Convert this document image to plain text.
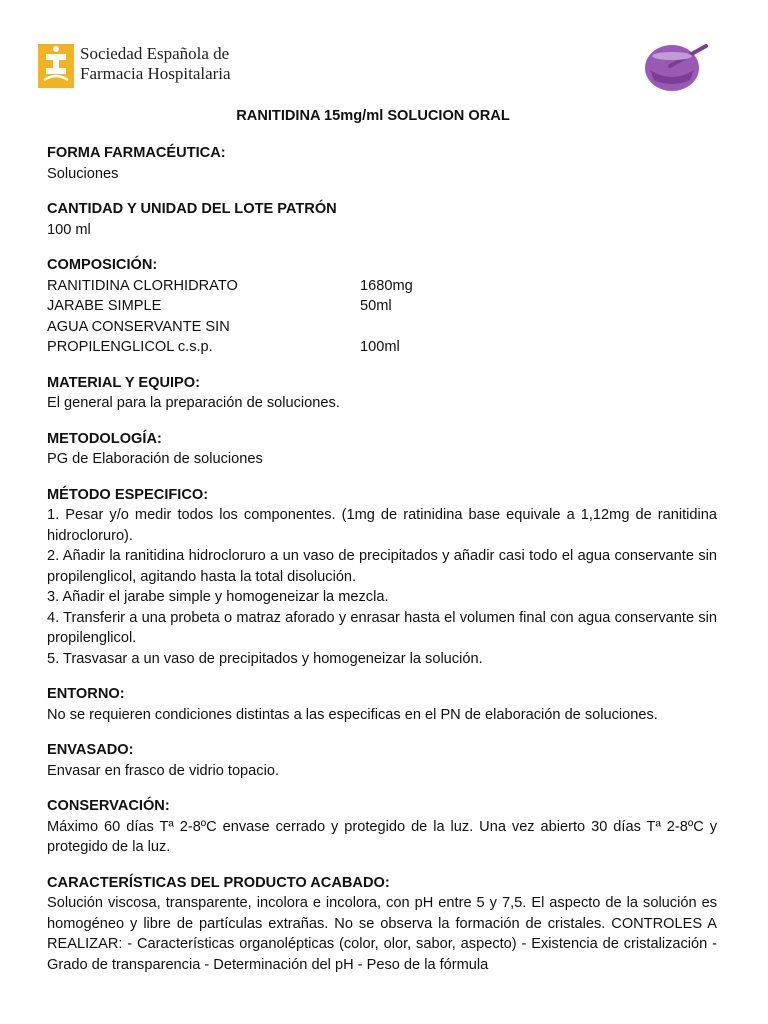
Sociedad Española de
Farmacia Hospitalaria
RANITIDINA 15mg/ml SOLUCION ORAL
FORMA FARMACÉUTICA:
Soluciones
CANTIDAD Y UNIDAD DEL LOTE PATRÓN
100 ml
COMPOSICIÓN:
RANITIDINA CLORHIDRATO	1680mg
JARABE SIMPLE	50ml
AGUA CONSERVANTE SIN
PROPILENGLICOL c.s.p.	100ml
MATERIAL Y EQUIPO:
El general para la preparación de soluciones.
METODOLOGÍA:
PG de Elaboración de soluciones
MÉTODO ESPECIFICO:
1. Pesar y/o medir todos los componentes. (1mg de ratinidina base equivale a 1,12mg de ranitidina hidrocloruro).
2. Añadir la ranitidina hidrocloruro a un vaso de precipitados y añadir casi todo el agua conservante sin propilenglicol, agitando hasta la total disolución.
3. Añadir el jarabe simple y homogeneizar la mezcla.
4. Transferir a una probeta o matraz aforado y enrasar hasta el volumen final con agua conservante sin propilenglicol.
5. Trasvasar a un vaso de precipitados y homogeneizar la solución.
ENTORNO:
No se requieren condiciones distintas a las especificas en el PN de elaboración de soluciones.
ENVASADO:
Envasar en frasco de vidrio topacio.
CONSERVACIÓN:
Máximo 60 días Tª 2-8ºC envase cerrado y protegido de la luz. Una vez abierto 30 días Tª 2-8ºC y protegido de la luz.
CARACTERÍSTICAS DEL PRODUCTO ACABADO:
Solución viscosa, transparente, incolora e incolora, con pH entre 5 y 7,5. El aspecto de la solución es homogéneo y libre de partículas extrañas. No se observa la formación de cristales. CONTROLES A REALIZAR: - Características organolépticas (color, olor, sabor, aspecto) - Existencia de cristalización - Grado de transparencia - Determinación del pH - Peso de la fórmula
